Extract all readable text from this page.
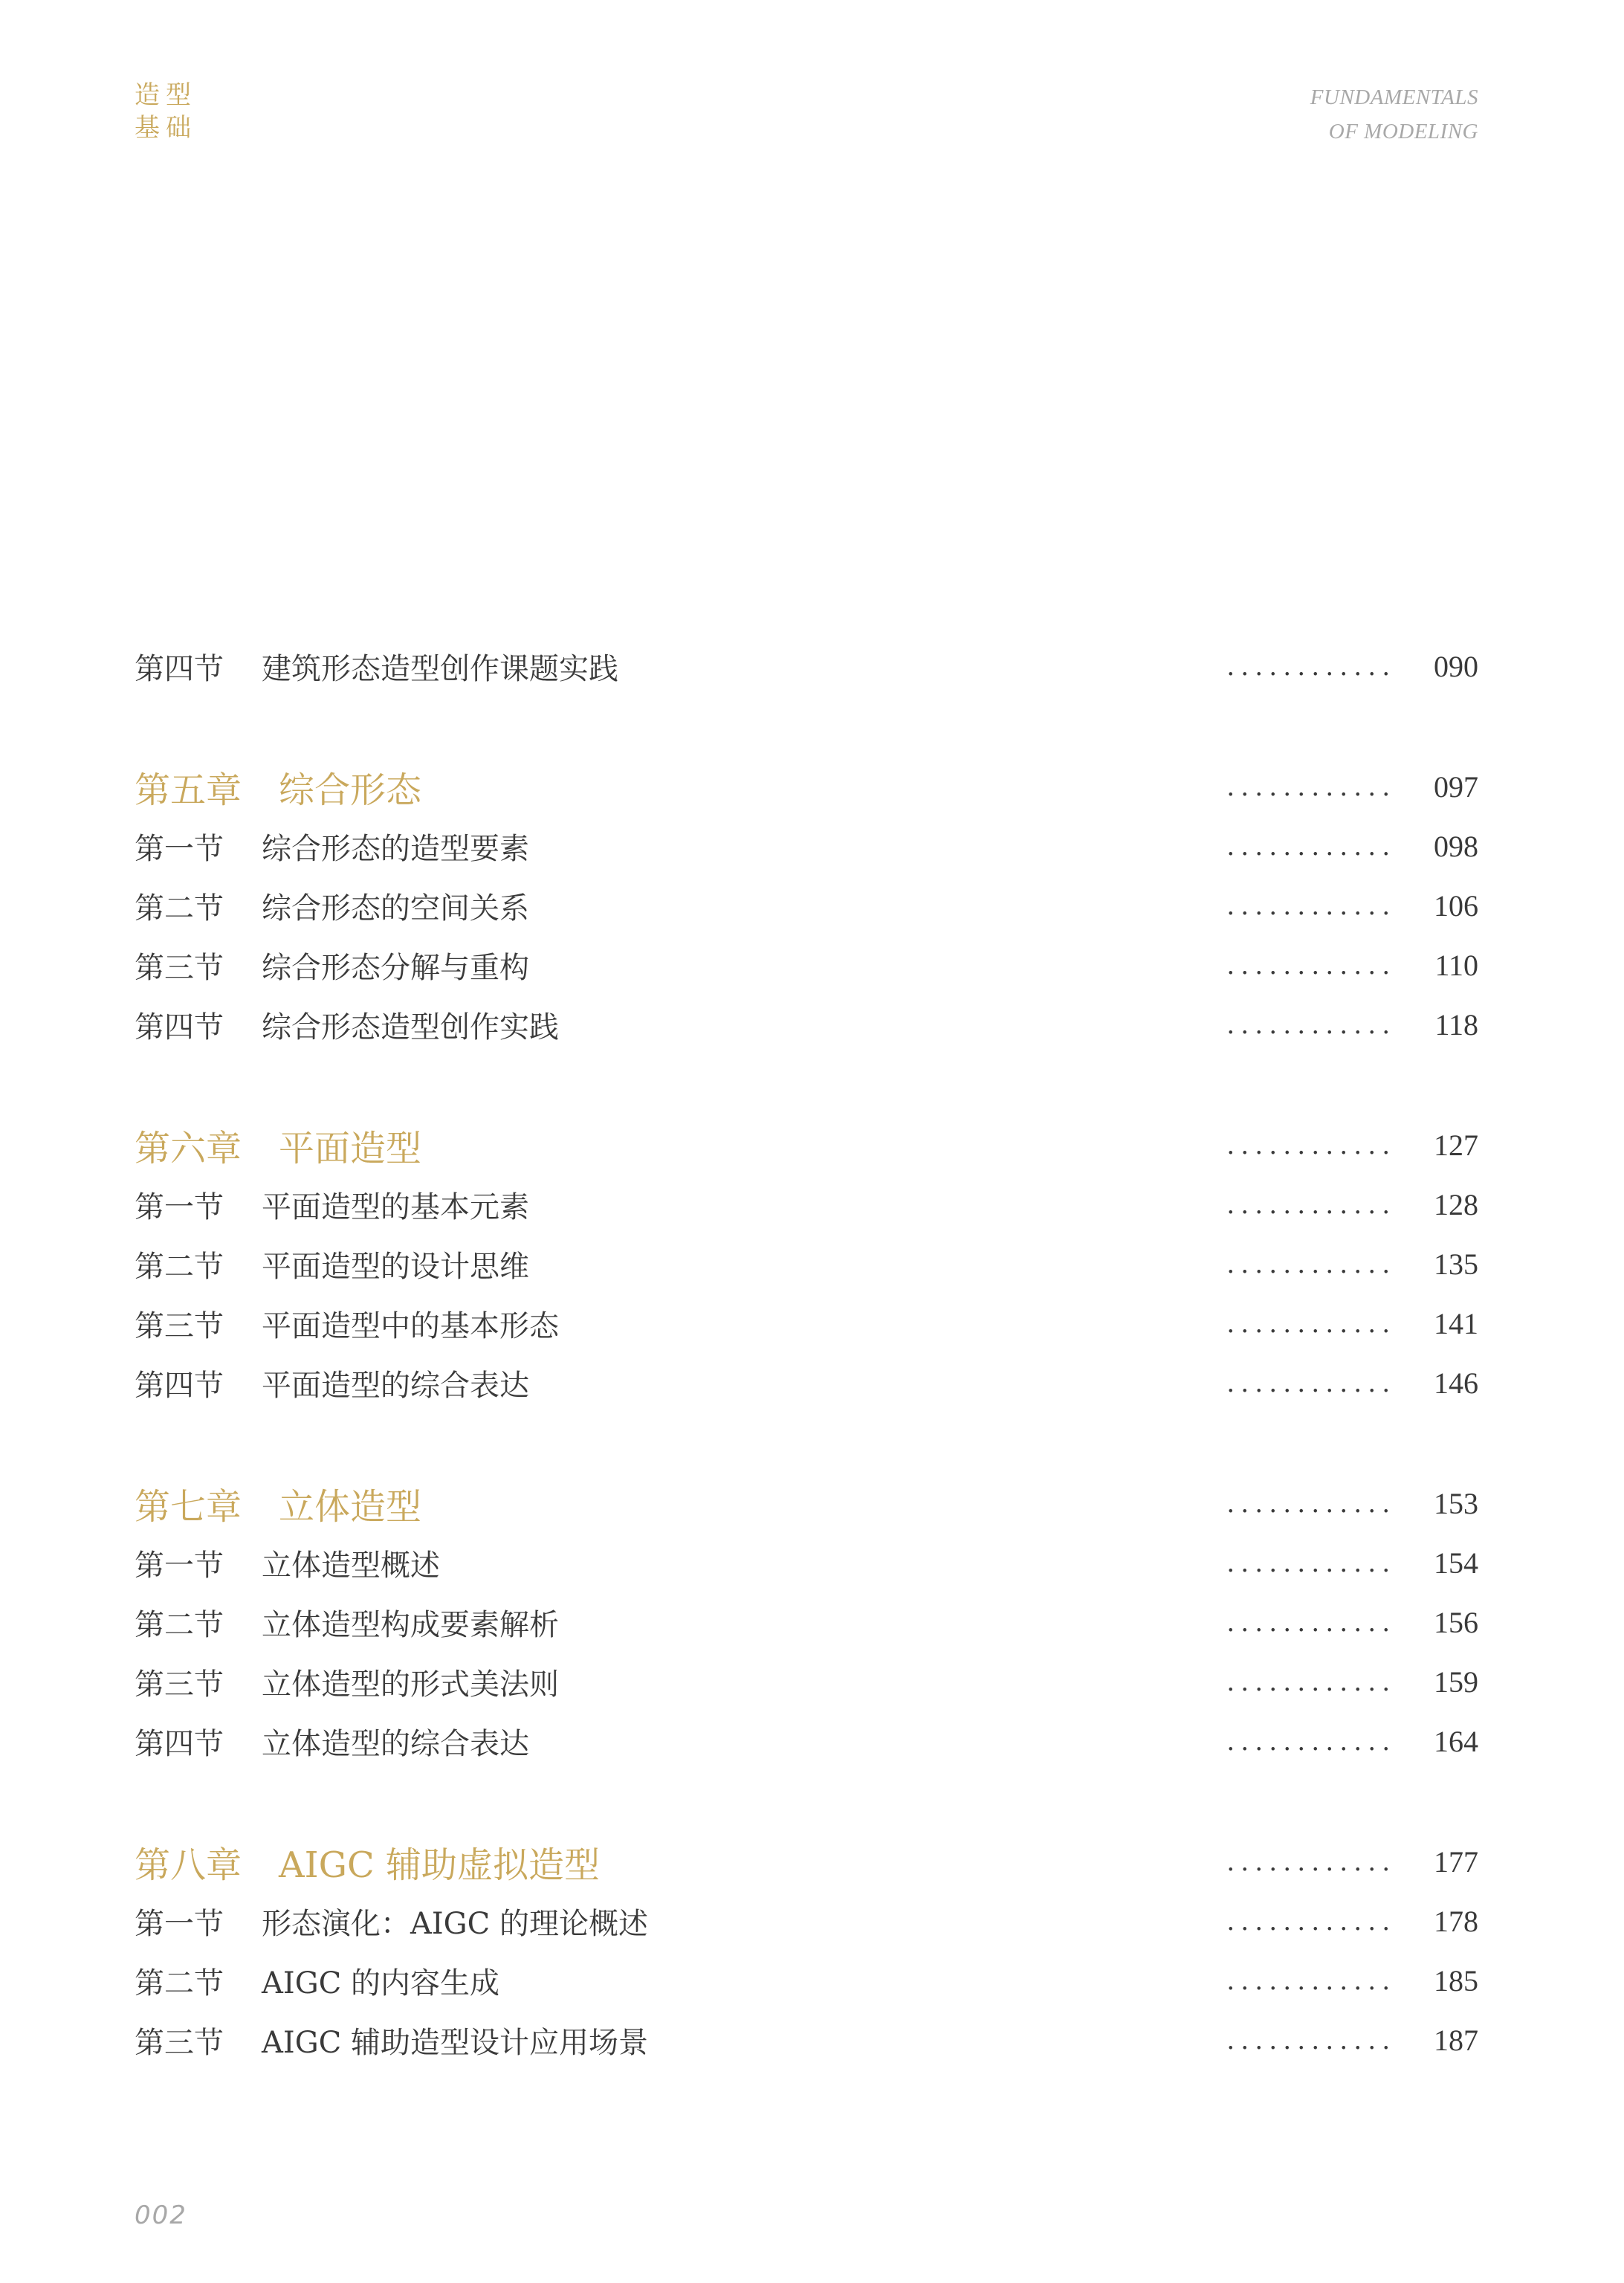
造型
基础
FUNDAMENTALS
OF MODELING
第四节	建筑形态造型创作课题实践	............ 090
第五章	综合形态	............ 097
第一节	综合形态的造型要素	............ 098
第二节	综合形态的空间关系	............ 106
第三节	综合形态分解与重构	............ 110
第四节	综合形态造型创作实践	............ 118
第六章	平面造型	............ 127
第一节	平面造型的基本元素	............ 128
第二节	平面造型的设计思维	............ 135
第三节	平面造型中的基本形态	............ 141
第四节	平面造型的综合表达	............ 146
第七章	立体造型	............ 153
第一节	立体造型概述	............ 154
第二节	立体造型构成要素解析	............ 156
第三节	立体造型的形式美法则	............ 159
第四节	立体造型的综合表达	............ 164
第八章	AIGC 辅助虚拟造型	............ 177
第一节	形态演化：AIGC 的理论概述	............ 178
第二节	AIGC 的内容生成	............ 185
第三节	AIGC 辅助造型设计应用场景	............ 187
002
